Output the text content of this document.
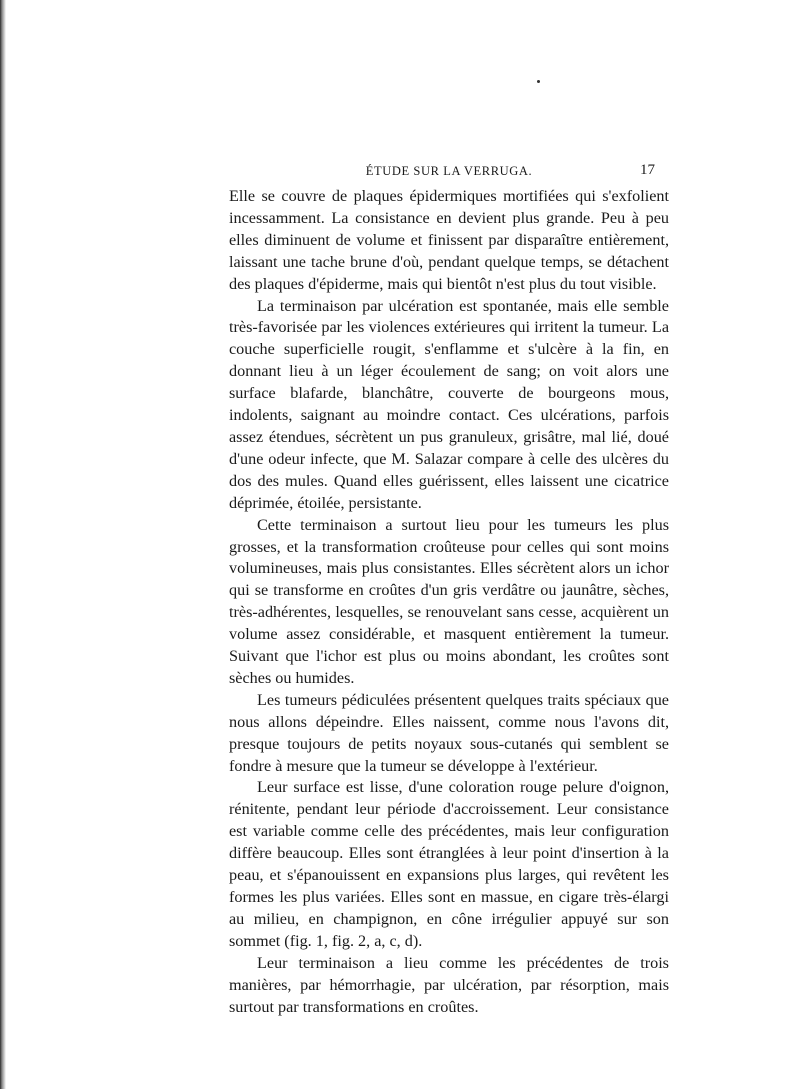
ÉTUDE SUR LA VERRUGA.	17

Elle se couvre de plaques épidermiques mortifiées qui s'exfolient incessamment. La consistance en devient plus grande. Peu à peu elles diminuent de volume et finissent par disparaître entièrement, laissant une tache brune d'où, pendant quelque temps, se détachent des plaques d'épiderme, mais qui bientôt n'est plus du tout visible.

La terminaison par ulcération est spontanée, mais elle semble très-favorisée par les violences extérieures qui irritent la tumeur. La couche superficielle rougit, s'enflamme et s'ulcère à la fin, en donnant lieu à un léger écoulement de sang; on voit alors une surface blafarde, blanchâtre, couverte de bourgeons mous, indolents, saignant au moindre contact. Ces ulcérations, parfois assez étendues, sécrètent un pus granuleux, grisâtre, mal lié, doué d'une odeur infecte, que M. Salazar compare à celle des ulcères du dos des mules. Quand elles guérissent, elles laissent une cicatrice déprimée, étoilée, persistante.

Cette terminaison a surtout lieu pour les tumeurs les plus grosses, et la transformation croûteuse pour celles qui sont moins volumineuses, mais plus consistantes. Elles sécrètent alors un ichor qui se transforme en croûtes d'un gris verdâtre ou jaunâtre, sèches, très-adhérentes, lesquelles, se renouvelant sans cesse, acquièrent un volume assez considérable, et masquent entièrement la tumeur. Suivant que l'ichor est plus ou moins abondant, les croûtes sont sèches ou humides.

Les tumeurs pédiculées présentent quelques traits spéciaux que nous allons dépeindre. Elles naissent, comme nous l'avons dit, presque toujours de petits noyaux sous-cutanés qui semblent se fondre à mesure que la tumeur se développe à l'extérieur.

Leur surface est lisse, d'une coloration rouge pelure d'oignon, rénitente, pendant leur période d'accroissement. Leur consistance est variable comme celle des précédentes, mais leur configuration diffère beaucoup. Elles sont étranglées à leur point d'insertion à la peau, et s'épanouissent en expansions plus larges, qui revêtent les formes les plus variées. Elles sont en massue, en cigare très-élargi au milieu, en champignon, en cône irrégulier appuyé sur son sommet (fig. 1, fig. 2, a, c, d).

Leur terminaison a lieu comme les précédentes de trois manières, par hémorrhagie, par ulcération, par résorption, mais surtout par transformations en croûtes.
